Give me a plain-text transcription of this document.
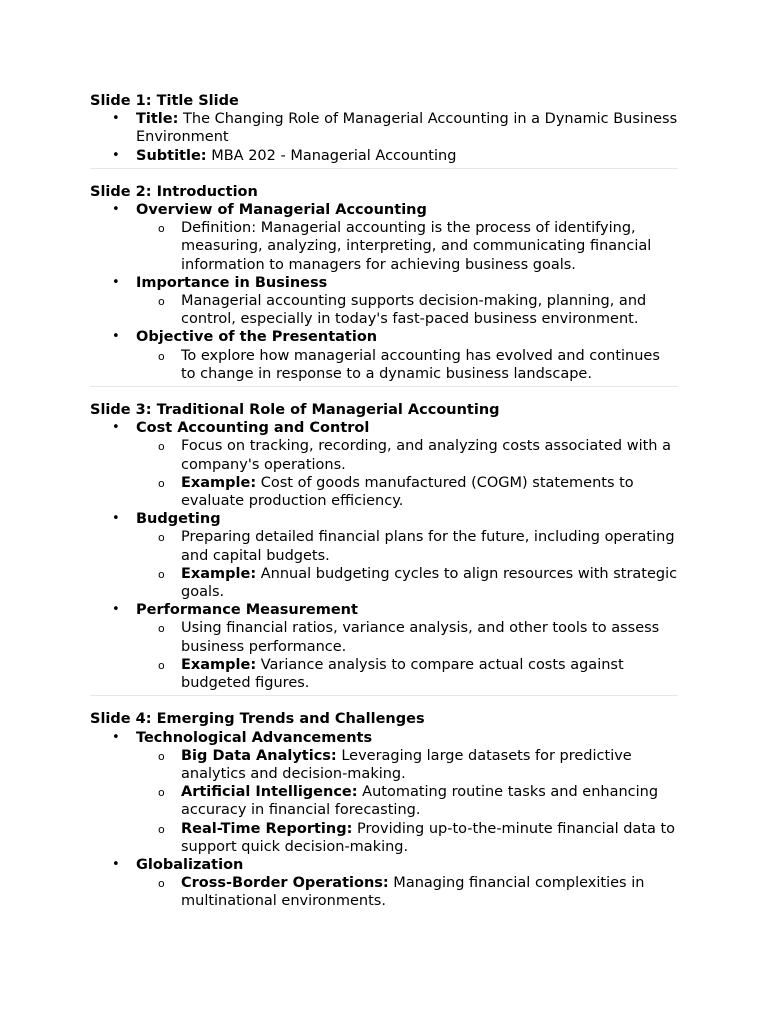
Slide 1: Title Slide

• Title: The Changing Role of Managerial Accounting in a Dynamic Business Environment
• Subtitle: MBA 202 - Managerial Accounting

Slide 2: Introduction

• Overview of Managerial Accounting
o Definition: Managerial accounting is the process of identifying, measuring, analyzing, interpreting, and communicating financial information to managers for achieving business goals.
• Importance in Business
o Managerial accounting supports decision-making, planning, and control, especially in today's fast-paced business environment.
• Objective of the Presentation
o To explore how managerial accounting has evolved and continues to change in response to a dynamic business landscape.

Slide 3: Traditional Role of Managerial Accounting

• Cost Accounting and Control
o Focus on tracking, recording, and analyzing costs associated with a company's operations.
o Example: Cost of goods manufactured (COGM) statements to evaluate production efficiency.
• Budgeting
o Preparing detailed financial plans for the future, including operating and capital budgets.
o Example: Annual budgeting cycles to align resources with strategic goals.
• Performance Measurement
o Using financial ratios, variance analysis, and other tools to assess business performance.
o Example: Variance analysis to compare actual costs against budgeted figures.

Slide 4: Emerging Trends and Challenges

• Technological Advancements
o Big Data Analytics: Leveraging large datasets for predictive analytics and decision-making.
o Artificial Intelligence: Automating routine tasks and enhancing accuracy in financial forecasting.
o Real-Time Reporting: Providing up-to-the-minute financial data to support quick decision-making.
• Globalization
o Cross-Border Operations: Managing financial complexities in multinational environments.
